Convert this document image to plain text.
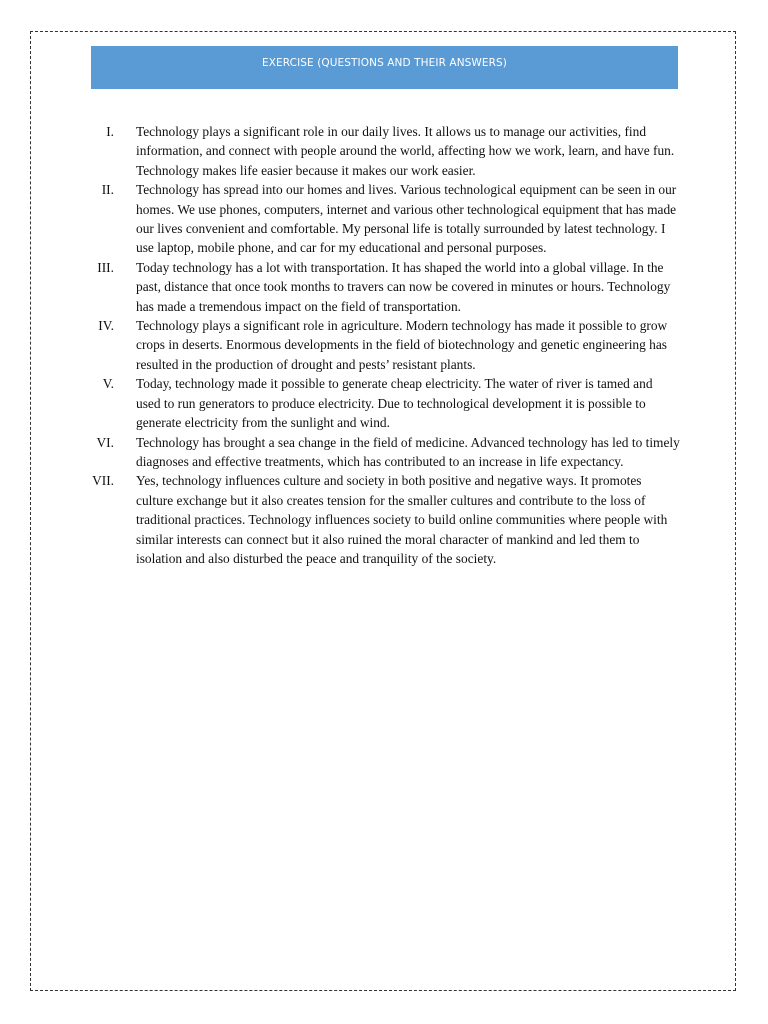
EXERCISE (QUESTIONS AND THEIR ANSWERS)
I. Technology plays a significant role in our daily lives. It allows us to manage our activities, find information, and connect with people around the world, affecting how we work, learn, and have fun. Technology makes life easier because it makes our work easier.
II. Technology has spread into our homes and lives. Various technological equipment can be seen in our homes. We use phones, computers, internet and various other technological equipment that has made our lives convenient and comfortable. My personal life is totally surrounded by latest technology. I use laptop, mobile phone, and car for my educational and personal purposes.
III. Today technology has a lot with transportation. It has shaped the world into a global village. In the past, distance that once took months to travers can now be covered in minutes or hours. Technology has made a tremendous impact on the field of transportation.
IV. Technology plays a significant role in agriculture. Modern technology has made it possible to grow crops in deserts. Enormous developments in the field of biotechnology and genetic engineering has resulted in the production of drought and pests’ resistant plants.
V. Today, technology made it possible to generate cheap electricity. The water of river is tamed and used to run generators to produce electricity. Due to technological development it is possible to generate electricity from the sunlight and wind.
VI. Technology has brought a sea change in the field of medicine. Advanced technology has led to timely diagnoses and effective treatments, which has contributed to an increase in life expectancy.
VII. Yes, technology influences culture and society in both positive and negative ways. It promotes culture exchange but it also creates tension for the smaller cultures and contribute to the loss of traditional practices. Technology influences society to build online communities where people with similar interests can connect but it also ruined the moral character of mankind and led them to isolation and also disturbed the peace and tranquility of the society.
